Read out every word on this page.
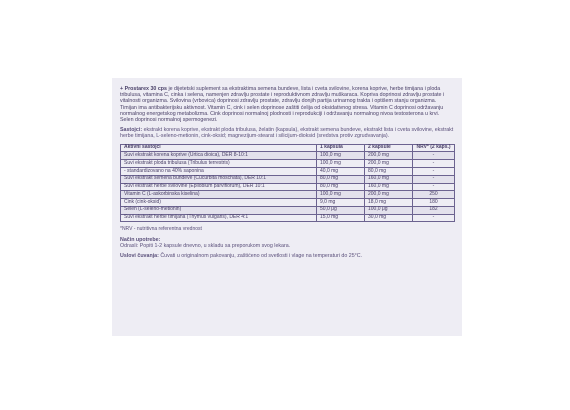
+ Prostarex 30 cps je dijetetski suplement sa ekstraktima semena bundeve, lista i cveta svilovine, korena koprive, herbe timijana i ploda tribulusa, vitamina C, cinka i selena, namenjen zdravlju prostate i reproduktivnom zdravlju muškaraca. Kopriva doprinosi zdravlju prostate i vitalnosti organizma. Svilovina (vrbovica) doprinosi zdravlju prostate, zdravlju donjih partija urinarnog trakta i optišem stanju organizma. Timijan ima antibakterijsku aktivnost. Vitamin C, cink i selen doprinose zaštiti ćelija od oksidativnog stresa. Vitamin C doprinosi održavanju normalnog energetskog metabolizma. Cink doprinosi normalnoj plodnosti i reprodukciji i održavanju normalnog nivoa testosterona u krvi. Selen doprinosi normalnoj spermogenezi.

Sastojci: ekstrakt korena koprive, ekstrakt ploda tribulusa, želatin (kapsula), ekstrakt semena bundeve, ekstrakt lista i cveta svilovine, ekstrakt herbe timijana, L-seleno-metionin, cink-oksid; magnezijum-stearat i silicijum-dioksid (sredstva protiv zgrudvavanja).

Aktivni sastojci	1 kapsula	2 kapsule	NRV* (2 kaps.)
Suvi ekstrakt korena koprive (Urtica dioica), DER 8-10:1	100,0 mg	200,0 mg	-
Suvi ekstrakt ploda tribulusa (Tribulus terrestris)	100,0 mg	200,0 mg	-
- standardizovano na 40% saponina	40,0 mg	80,0 mg	-
Suvi ekstrakt semena bundeve (Cucurbita moschata), DER 10:1	80,0 mg	160,0 mg	-
Suvi ekstrakt herbe svilovine (Epilobium parviflorum), DER 10:1	80,0 mg	160,0 mg	-
Vitamin C (L-askorbinska kiselina)	100,0 mg	200,0 mg	250
Cink (cink-oksid)	9,0 mg	18,0 mg	180
Selen (L-seleno-metionin)	50,0 μg	100,0 μg	182
Suvi ekstrakt herbe timijana (Thymus vulgaris), DER 4:1	15,0 mg	30,0 mg	-

*NRV - nutritivna referentna vrednost

Način upotrebe:
Odrasli: Popiti 1-2 kapsule dnevno, u skladu sa preporukom svog lekara.

Uslovi čuvanja: Čuvati u originalnom pakovanju, zaštićeno od svetlosti i vlage na temperaturi do 25°C.
